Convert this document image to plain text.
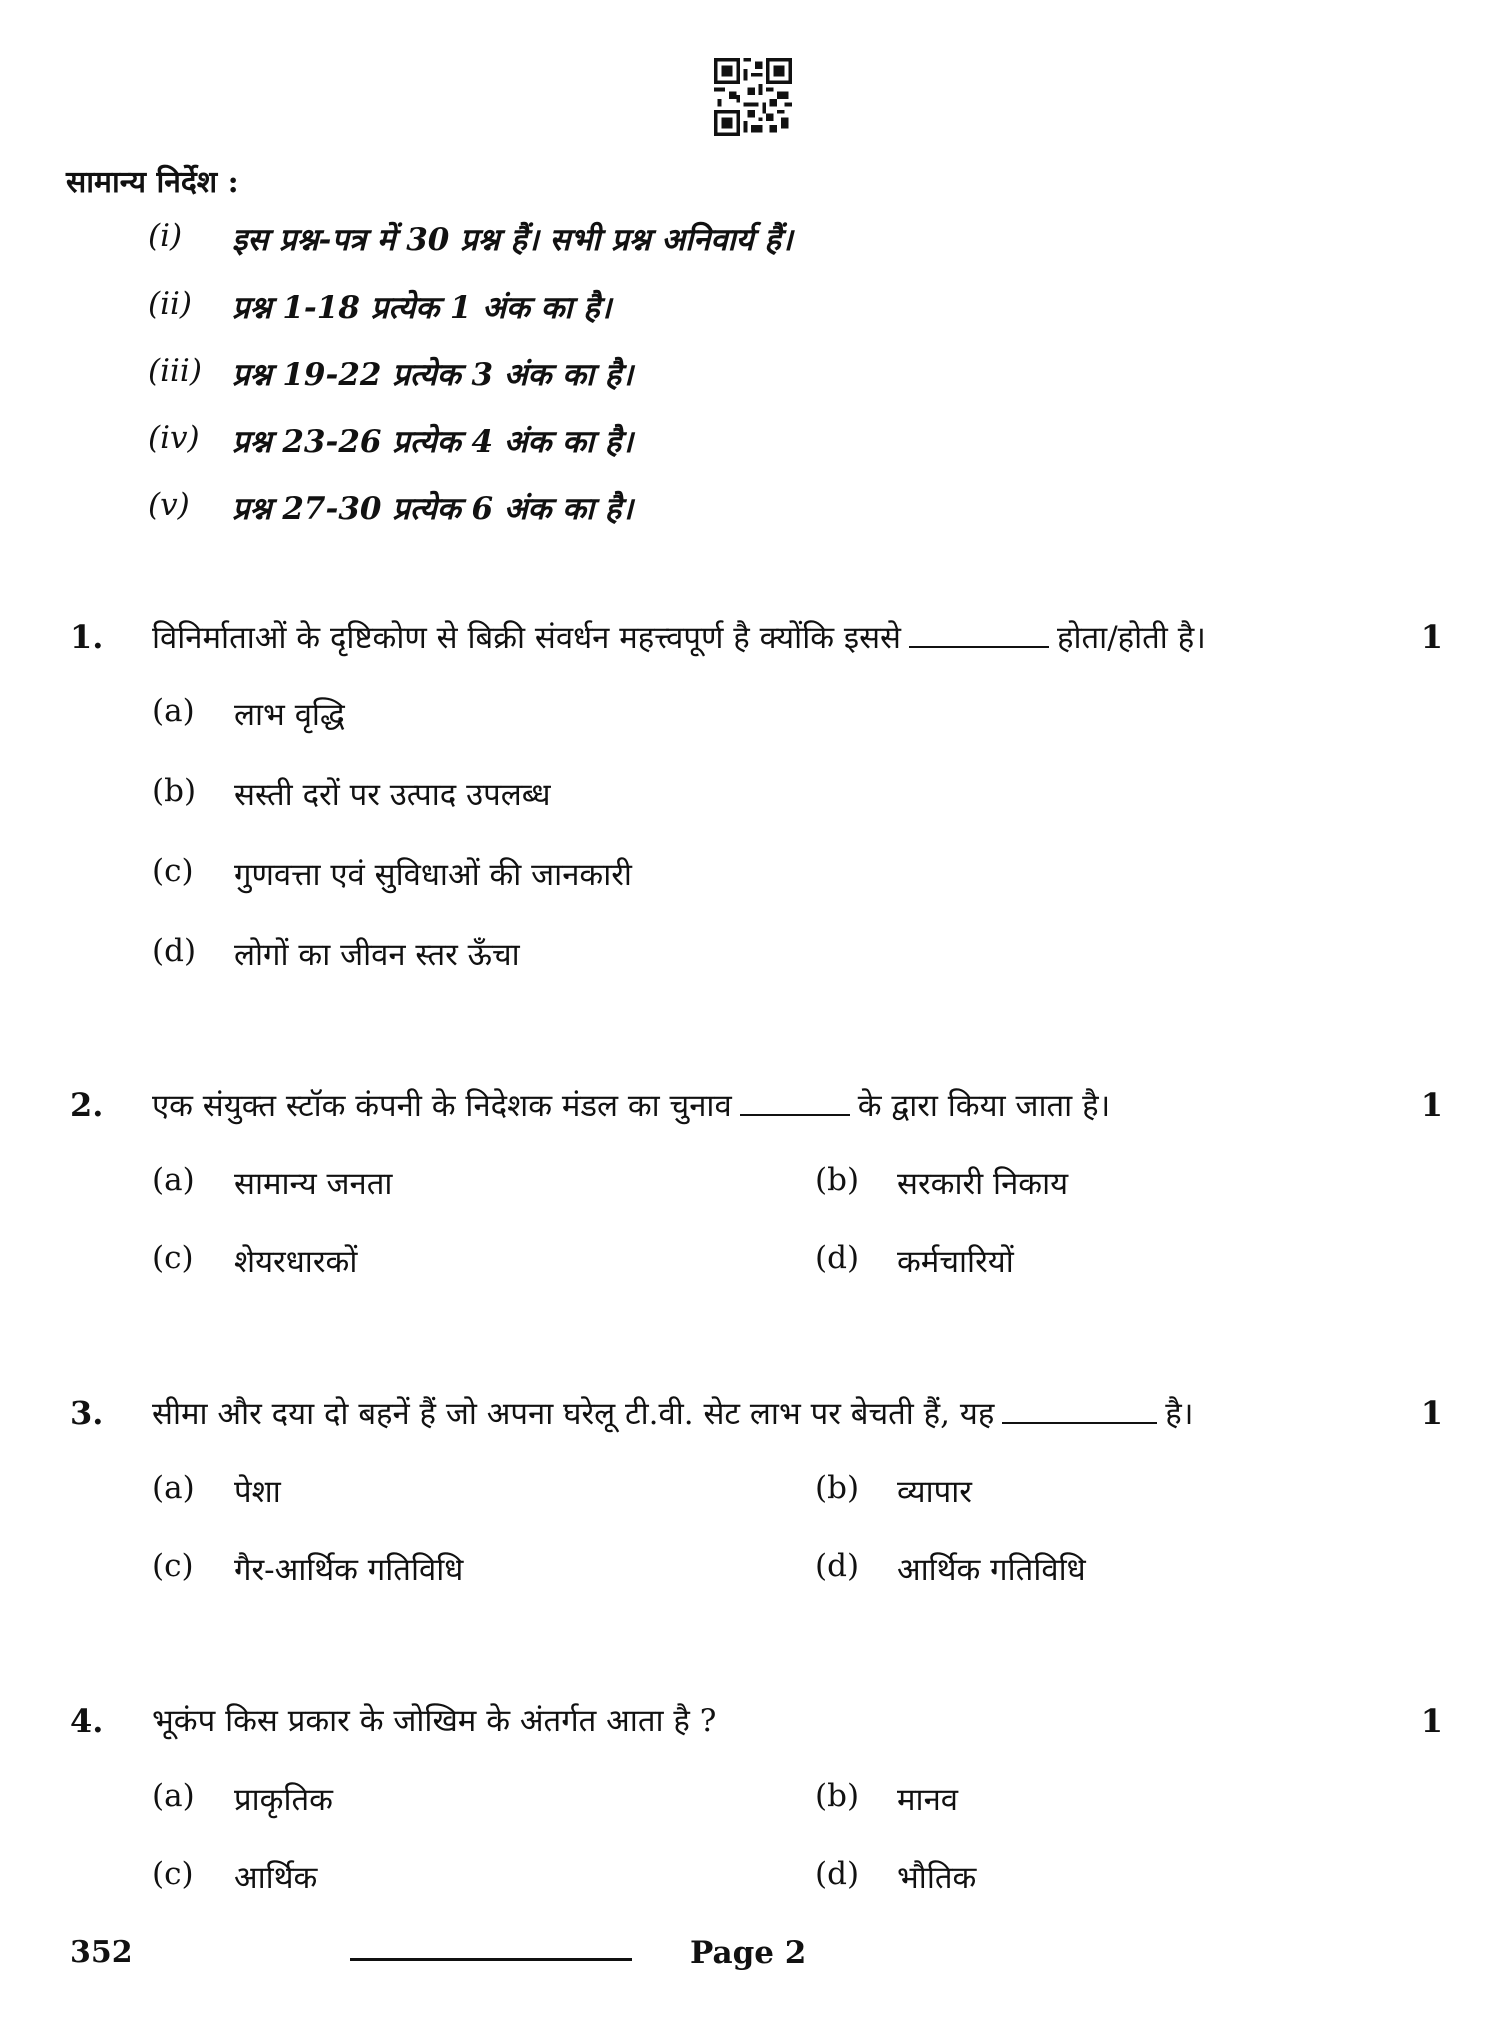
सामान्य निर्देश :
(i) इस प्रश्न-पत्र में 30 प्रश्न हैं। सभी प्रश्न अनिवार्य हैं।
(ii) प्रश्न 1-18 प्रत्येक 1 अंक का है।
(iii) प्रश्न 19-22 प्रत्येक 3 अंक का है।
(iv) प्रश्न 23-26 प्रत्येक 4 अंक का है।
(v) प्रश्न 27-30 प्रत्येक 6 अंक का है।
1. विनिर्माताओं के दृष्टिकोण से बिक्री संवर्धन महत्त्वपूर्ण है क्योंकि इससे	होता/होती है।	1
(a) लाभ वृद्धि
(b) सस्ती दरों पर उत्पाद उपलब्ध
(c) गुणवत्ता एवं सुविधाओं की जानकारी
(d) लोगों का जीवन स्तर ऊँचा
2. एक संयुक्त स्टॉक कंपनी के निदेशक मंडल का चुनाव	के द्वारा किया जाता है।	1
(a) सामान्य जनता	(b) सरकारी निकाय
(c) शेयरधारकों	(d) कर्मचारियों
3. सीमा और दया दो बहनें हैं जो अपना घरेलू टी.वी. सेट लाभ पर बेचती हैं, यह	है।	1
(a) पेशा	(b) व्यापार
(c) गैर-आर्थिक गतिविधि	(d) आर्थिक गतिविधि
4. भूकंप किस प्रकार के जोखिम के अंतर्गत आता है ?	1
(a) प्राकृतिक	(b) मानव
(c) आर्थिक	(d) भौतिक
352	Page 2
